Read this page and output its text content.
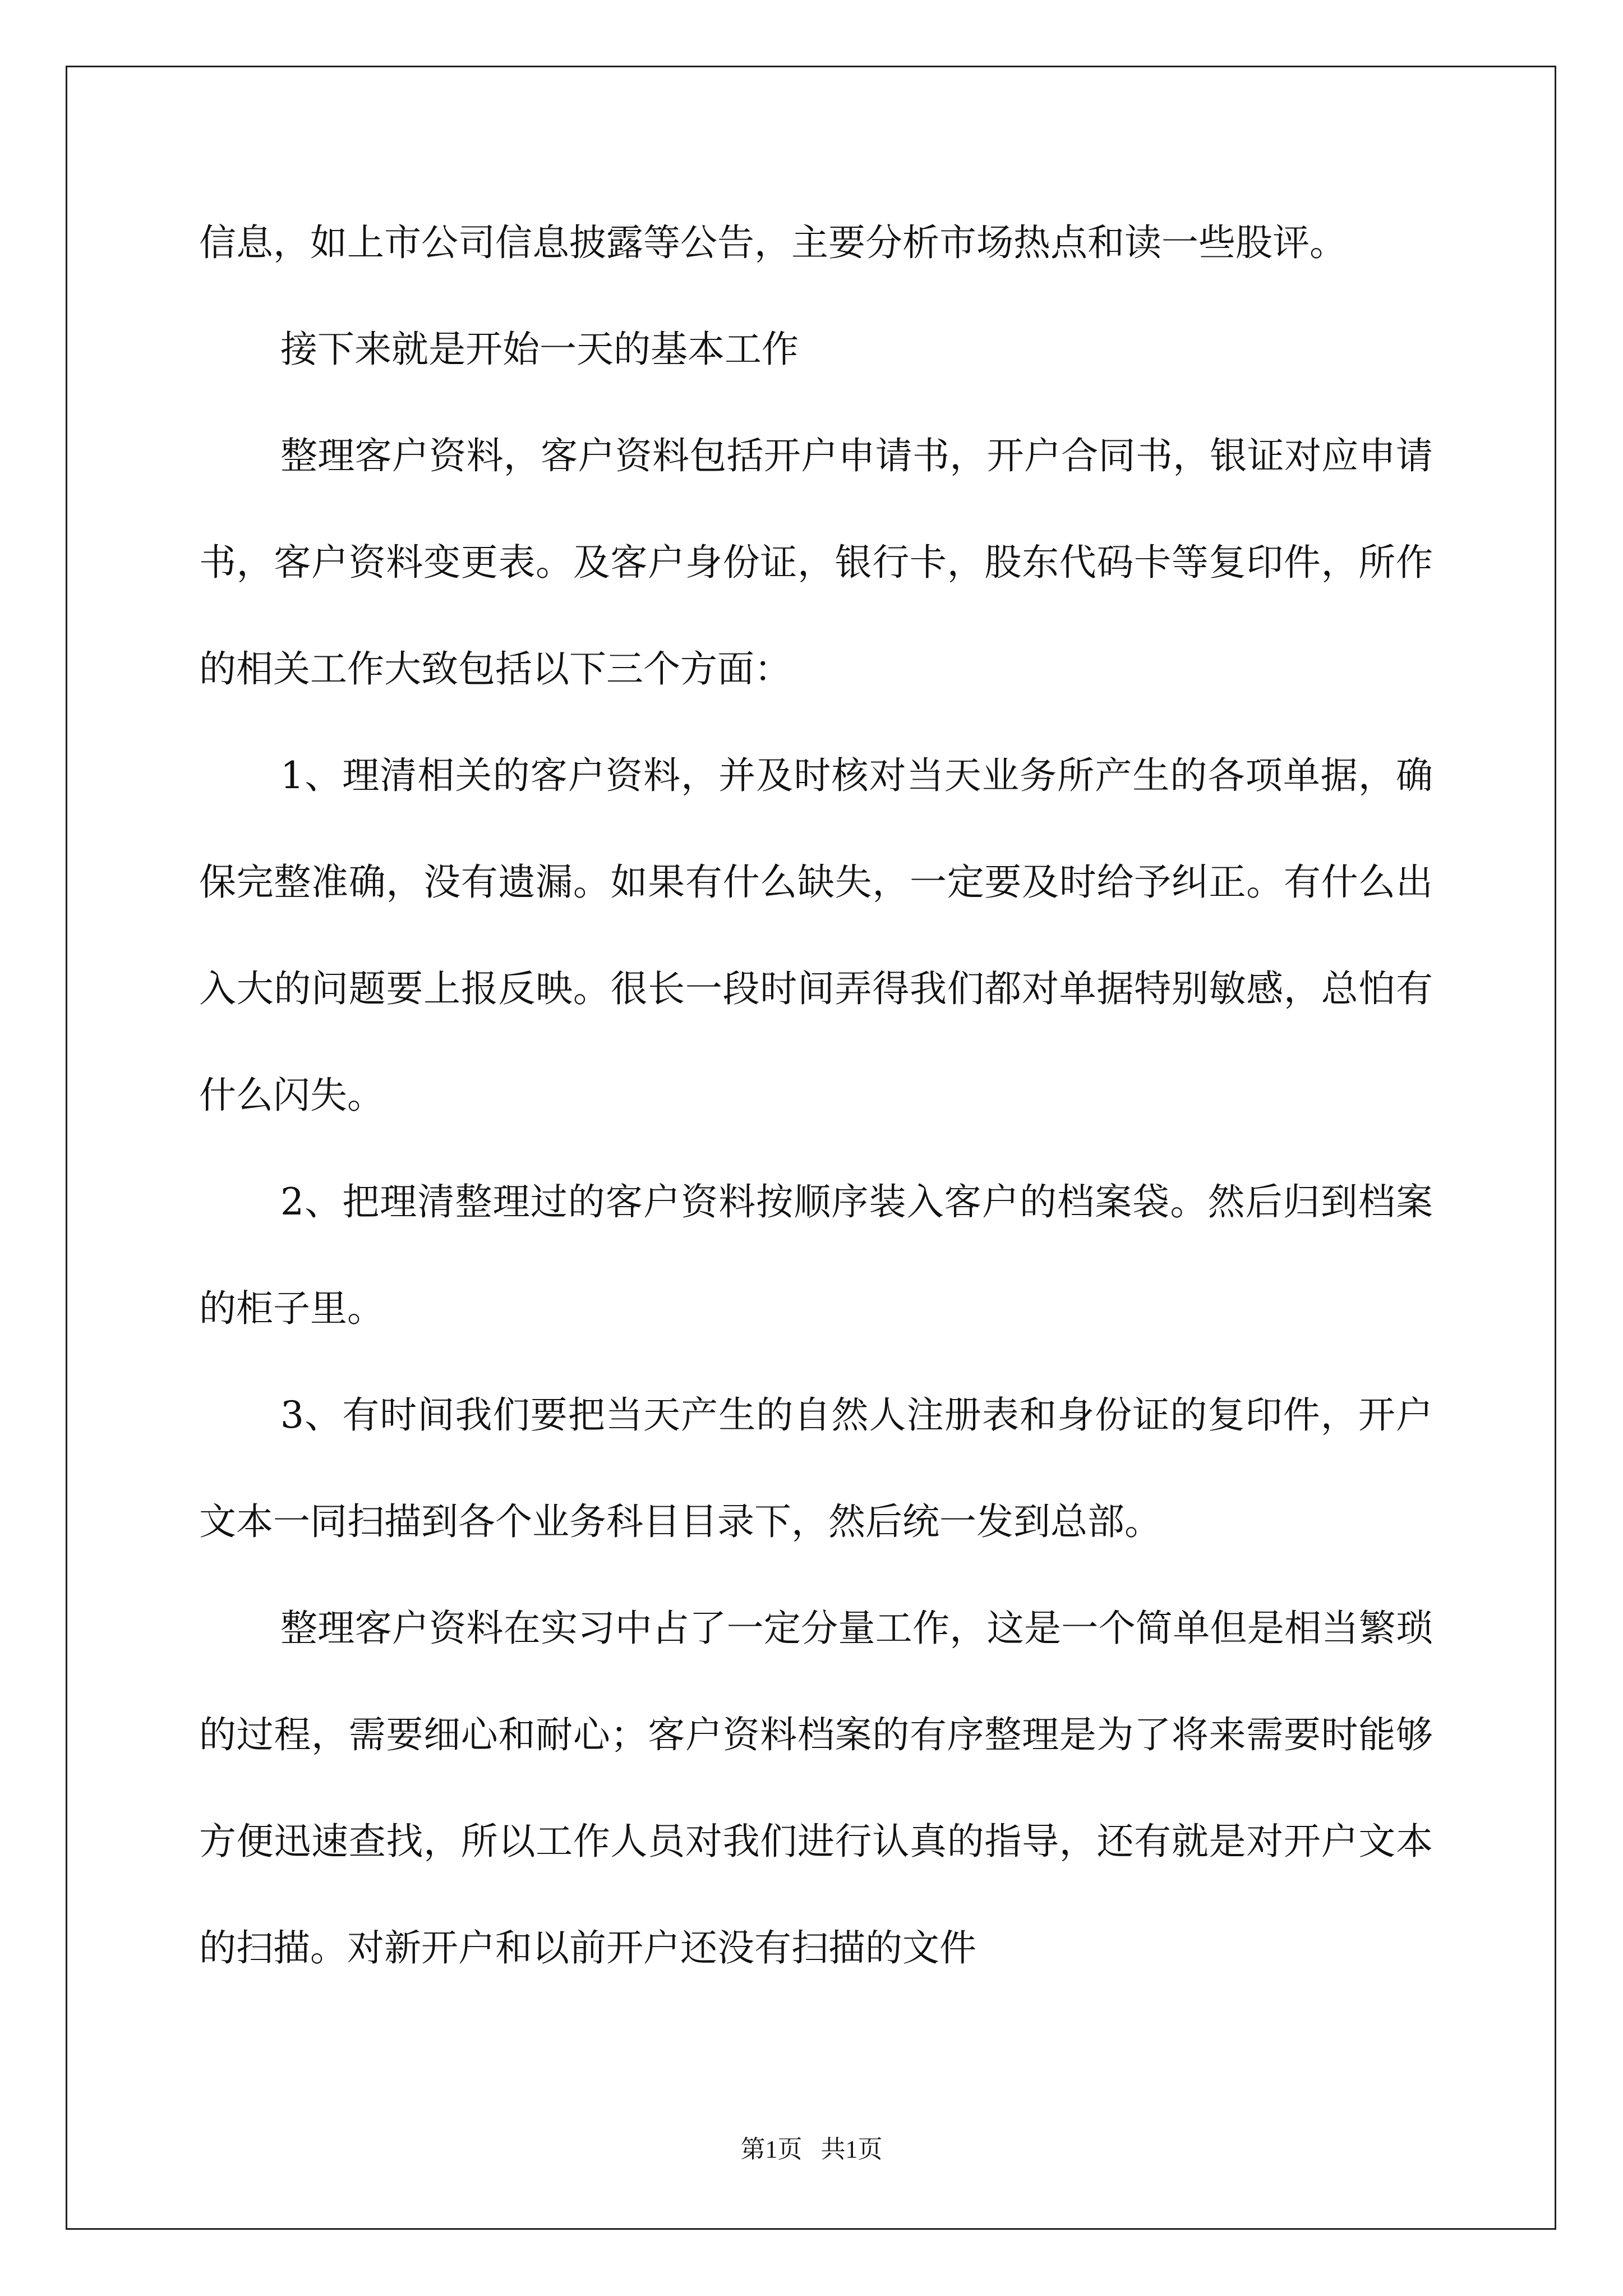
信息，如上市公司信息披露等公告，主要分析市场热点和读一些股评。

接下来就是开始一天的基本工作

整理客户资料，客户资料包括开户申请书，开户合同书，银证对应申请书，客户资料变更表。及客户身份证，银行卡，股东代码卡等复印件，所作的相关工作大致包括以下三个方面：

1、理清相关的客户资料，并及时核对当天业务所产生的各项单据，确保完整准确，没有遗漏。如果有什么缺失，一定要及时给予纠正。有什么出入大的问题要上报反映。很长一段时间弄得我们都对单据特别敏感，总怕有什么闪失。

2、把理清整理过的客户资料按顺序装入客户的档案袋。然后归到档案的柜子里。

3、有时间我们要把当天产生的自然人注册表和身份证的复印件，开户文本一同扫描到各个业务科目目录下，然后统一发到总部。

整理客户资料在实习中占了一定分量工作，这是一个简单但是相当繁琐的过程，需要细心和耐心；客户资料档案的有序整理是为了将来需要时能够方便迅速查找，所以工作人员对我们进行认真的指导，还有就是对开户文本的扫描。对新开户和以前开户还没有扫描的文件

第1页   共1页
